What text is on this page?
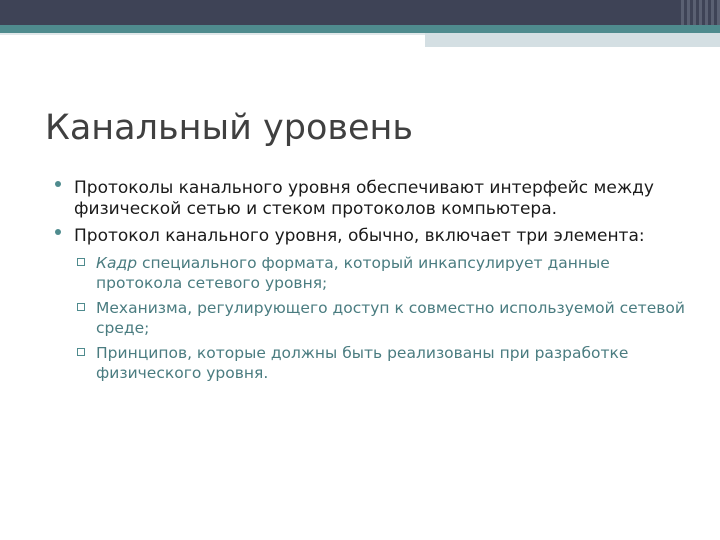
Канальный уровень
Протоколы канального уровня обеспечивают интерфейс между физической сетью и стеком протоколов компьютера.
Протокол канального уровня, обычно, включает три элемента:
Кадр специального формата, который инкапсулирует данные протокола сетевого уровня;
Механизма, регулирующего доступ к совместно используемой сетевой среде;
Принципов, которые должны быть реализованы при разработке физического уровня.
